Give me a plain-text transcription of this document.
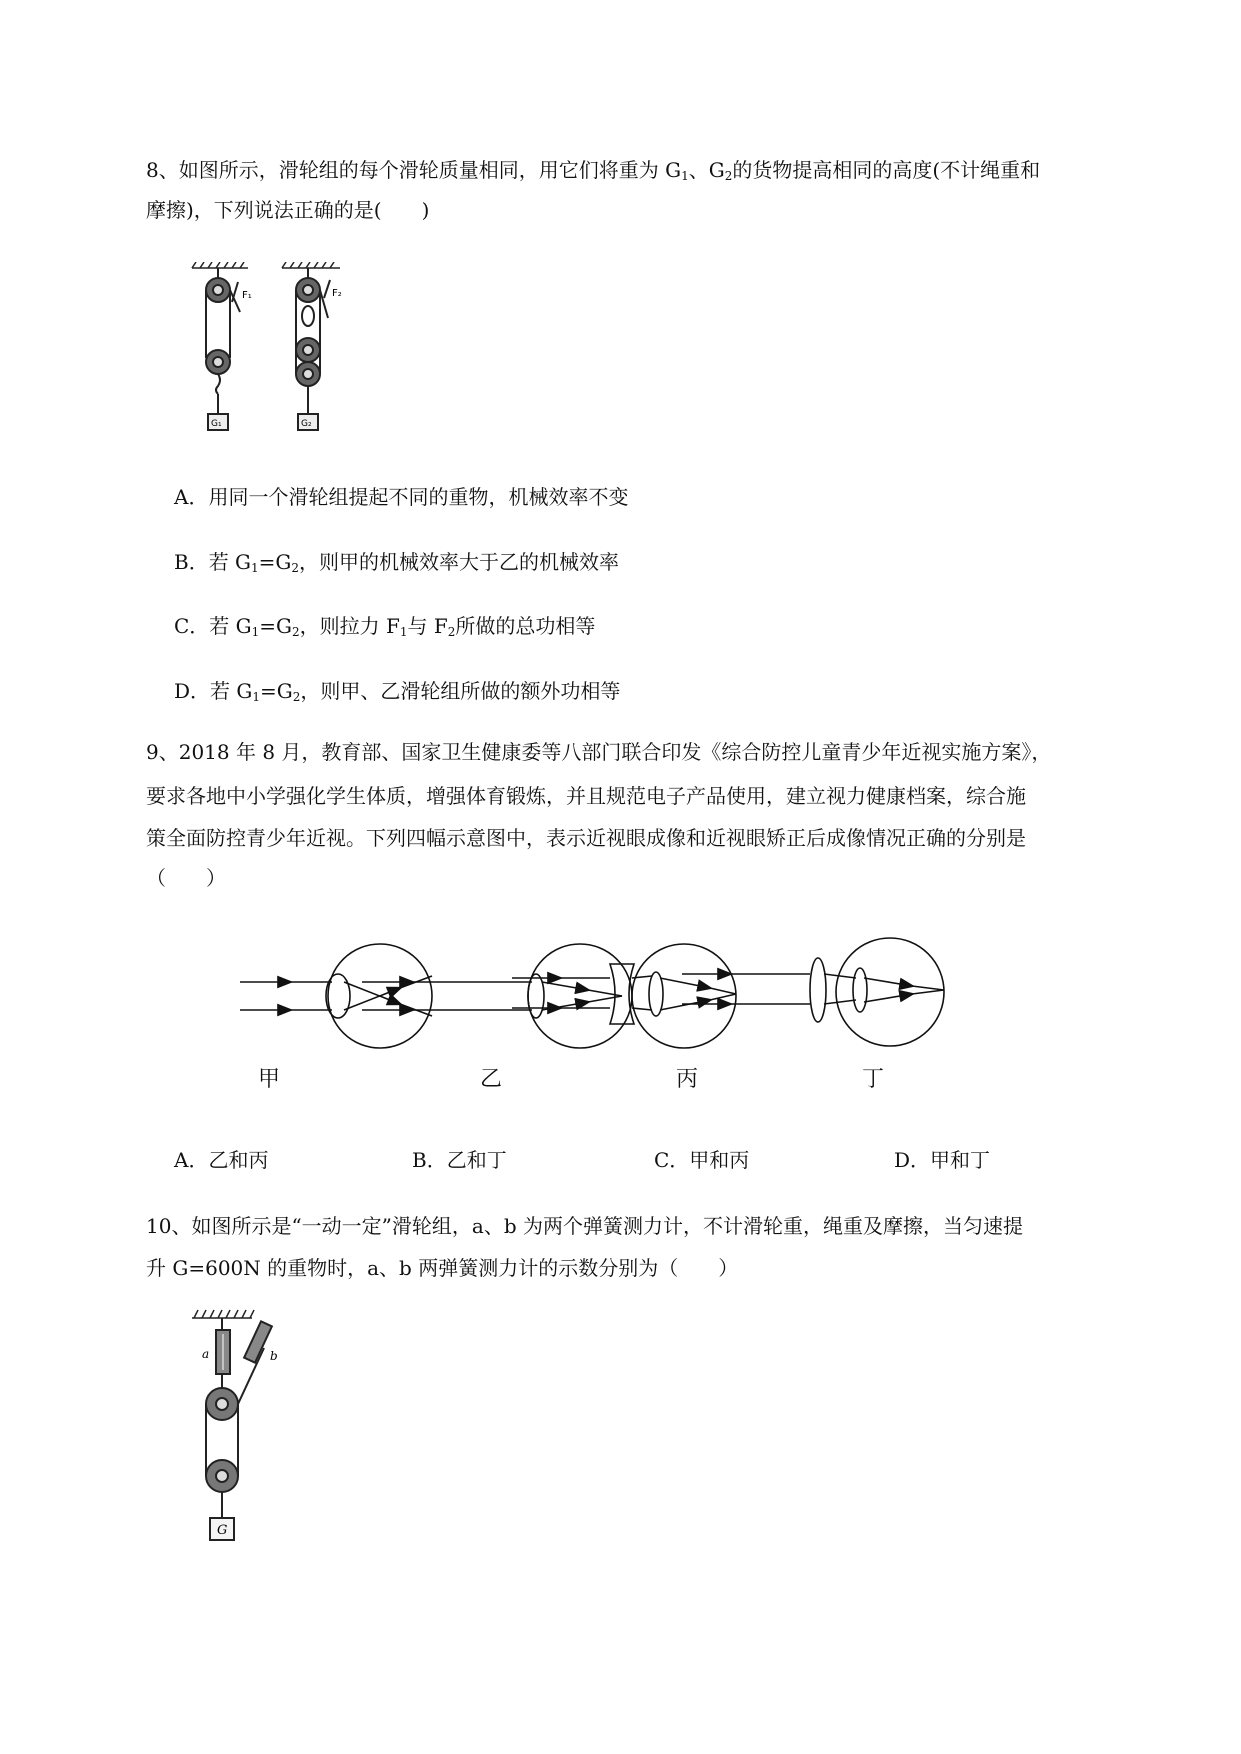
8、如图所示，滑轮组的每个滑轮质量相同，用它们将重为 $G_1$、$G_2$的货物提高相同的高度(不计绳重和
摩擦)，下列说法正确的是(　　)
F₁	F₂
G₁	G₂
A．用同一个滑轮组提起不同的重物，机械效率不变
B．若 $G_1=G_2$，则甲的机械效率大于乙的机械效率
C．若 $G_1=G_2$，则拉力 $F_1$与 $F_2$所做的总功相等
D．若 $G_1=G_2$，则甲、乙滑轮组所做的额外功相等
9、2018 年 8 月，教育部、国家卫生健康委等八部门联合印发《综合防控儿童青少年近视实施方案》，
要求各地中小学强化学生体质，增强体育锻炼，并且规范电子产品使用，建立视力健康档案，综合施
策全面防控青少年近视。下列四幅示意图中，表示近视眼成像和近视眼矫正后成像情况正确的分别是
（　　）
甲	乙	丙	丁
A．乙和丙	B．乙和丁	C．甲和丙	D．甲和丁
10、如图所示是“一动一定”滑轮组，a、b 为两个弹簧测力计，不计滑轮重，绳重及摩擦，当匀速提
升 G=600N 的重物时，a、b 两弹簧测力计的示数分别为（　　）
a	b
G
